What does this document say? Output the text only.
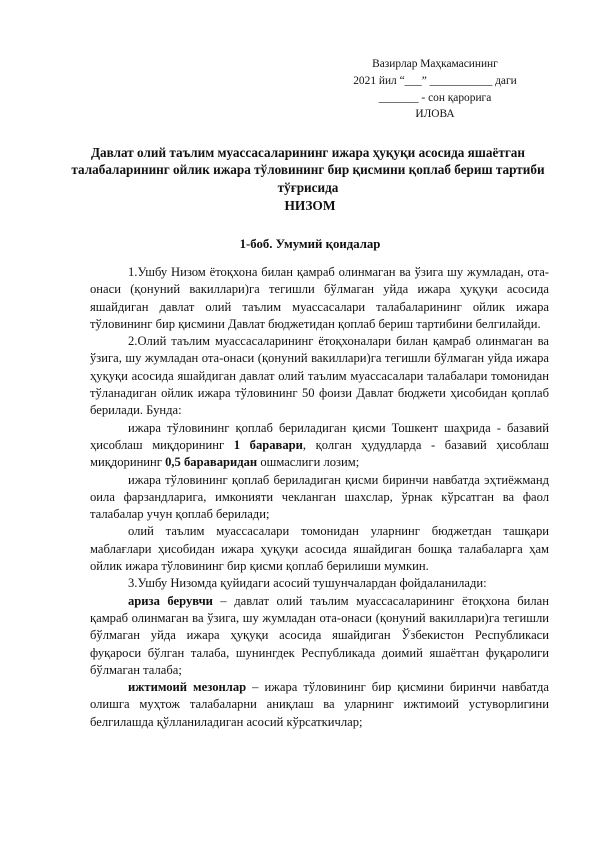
Вазирлар Маҳкамасининг
2021 йил “___” ___________ даги
_______ - сон қарорига
ИЛОВА
Давлат олий таълим муассасаларининг ижара ҳуқуқи асосида яшаётган талабаларининг ойлик ижара тўловининг бир қисмини қоплаб бериш тартиби тўғрисида
НИЗОМ
1-боб. Умумий қоидалар

1.Ушбу Низом ётоқхона билан қамраб олинмаган ва ўзига шу жумладан, ота-онаси (қонуний вакиллари)га тегишли бўлмаган уйда ижара ҳуқуқи асосида яшайдиган давлат олий таълим муассасалари талабаларининг ойлик ижара тўловининг бир қисмини Давлат бюджетидан қоплаб бериш тартибини белгилайди.

2.Олий таълим муассасаларининг ётоқхоналари билан қамраб олинмаган ва ўзига, шу жумладан ота-онаси (қонуний вакиллари)га тегишли бўлмаган уйда ижара ҳуқуқи асосида яшайдиган давлат олий таълим муассасалари талабалари томонидан тўланадиган ойлик ижара тўловининг 50 фоизи Давлат бюджети ҳисобидан қоплаб берилади. Бунда:

ижара тўловининг қоплаб бериладиган қисми Тошкент шаҳрида - базавий ҳисоблаш миқдорининг 1 баравари, қолган ҳудудларда - базавий ҳисоблаш миқдорининг 0,5 бараваридан ошмаслиги лозим;

ижара тўловининг қоплаб бериладиган қисми биринчи навбатда эҳтиёжманд оила фарзандларига, имконияти чекланган шахслар, ўрнак кўрсатган ва фаол талабалар учун қоплаб берилади;

олий таълим муассасалари томонидан уларнинг бюджетдан ташқари маблағлари ҳисобидан ижара ҳуқуқи асосида яшайдиган бошқа талабаларга ҳам ойлик ижара тўловининг бир қисми қоплаб берилиши мумкин.

3.Ушбу Низомда қуйидаги асосий тушунчалардан фойдаланилади:

ариза берувчи – давлат олий таълим муассасаларининг ётоқхона билан қамраб олинмаган ва ўзига, шу жумладан ота-онаси (қонуний вакиллари)га тегишли бўлмаган уйда ижара ҳуқуқи асосида яшайдиган Ўзбекистон Республикаси фуқароси бўлган талаба, шунингдек Республикада доимий яшаётган фуқаролиги бўлмаган талаба;

ижтимоий мезонлар – ижара тўловининг бир қисмини биринчи навбатда олишга муҳтож талабаларни аниқлаш ва уларнинг ижтимоий устуворлигини белгилашда қўлланиладиган асосий кўрсаткичлар;
